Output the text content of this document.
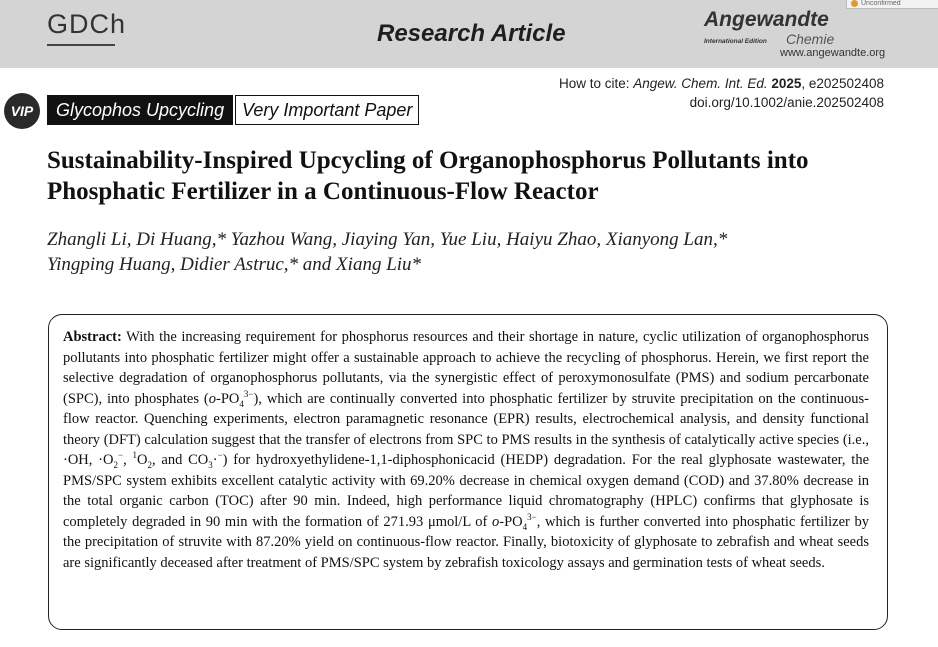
GDCh	Research Article
Angewandte
International Edition Chemie
www.angewandte.org
Unconfirmed
How to cite: Angew. Chem. Int. Ed. 2025, e202502408
doi.org/10.1002/anie.202502408
VIP	Glycophos Upcycling Very Important Paper
Sustainability-Inspired Upcycling of Organophosphorus Pollutants into Phosphatic Fertilizer in a Continuous-Flow Reactor
Zhangli Li, Di Huang,* Yazhou Wang, Jiaying Yan, Yue Liu, Haiyu Zhao, Xianyong Lan,*
Yingping Huang, Didier Astruc,* and Xiang Liu*

Abstract: With the increasing requirement for phosphorus resources and their shortage in nature, cyclic utilization of organophosphorus pollutants into phosphatic fertilizer might offer a sustainable approach to achieve the recycling of phosphorus. Herein, we first report the selective degradation of organophosphorus pollutants, via the synergistic effect of peroxymonosulfate (PMS) and sodium percarbonate (SPC), into phosphates $(o-PO_4^{3-})$, which are continually converted into phosphatic fertilizer by struvite precipitation on the continuous-flow reactor. Quenching experiments, electron paramagnetic resonance (EPR) results, electrochemical analysis, and density functional theory (DFT) calculation suggest that the transfer of electrons from SPC to PMS results in the synthesis of catalytically active species (i.e., ·OH, $\cdot O_2^-$, $^1O_2$, and $CO_3\cdot^-$) for hydroxyethylidene-1,1-diphosphonicacid (HEDP) degradation. For the real glyphosate wastewater, the PMS/SPC system exhibits excellent catalytic activity with 69.20% decrease in chemical oxygen demand (COD) and 37.80% decrease in the total organic carbon (TOC) after 90 min. Indeed, high performance liquid chromatography (HPLC) confirms that glyphosate is completely degraded in 90 min with the formation of 271.93 μmol/L of $o-PO_4^{3-}$, which is further converted into phosphatic fertilizer by the precipitation of struvite with 87.20% yield on continuous-flow reactor. Finally, biotoxicity of glyphosate to zebrafish and wheat seeds are significantly deceased after treatment of PMS/SPC system by zebrafish toxicology assays and germination tests of wheat seeds.
